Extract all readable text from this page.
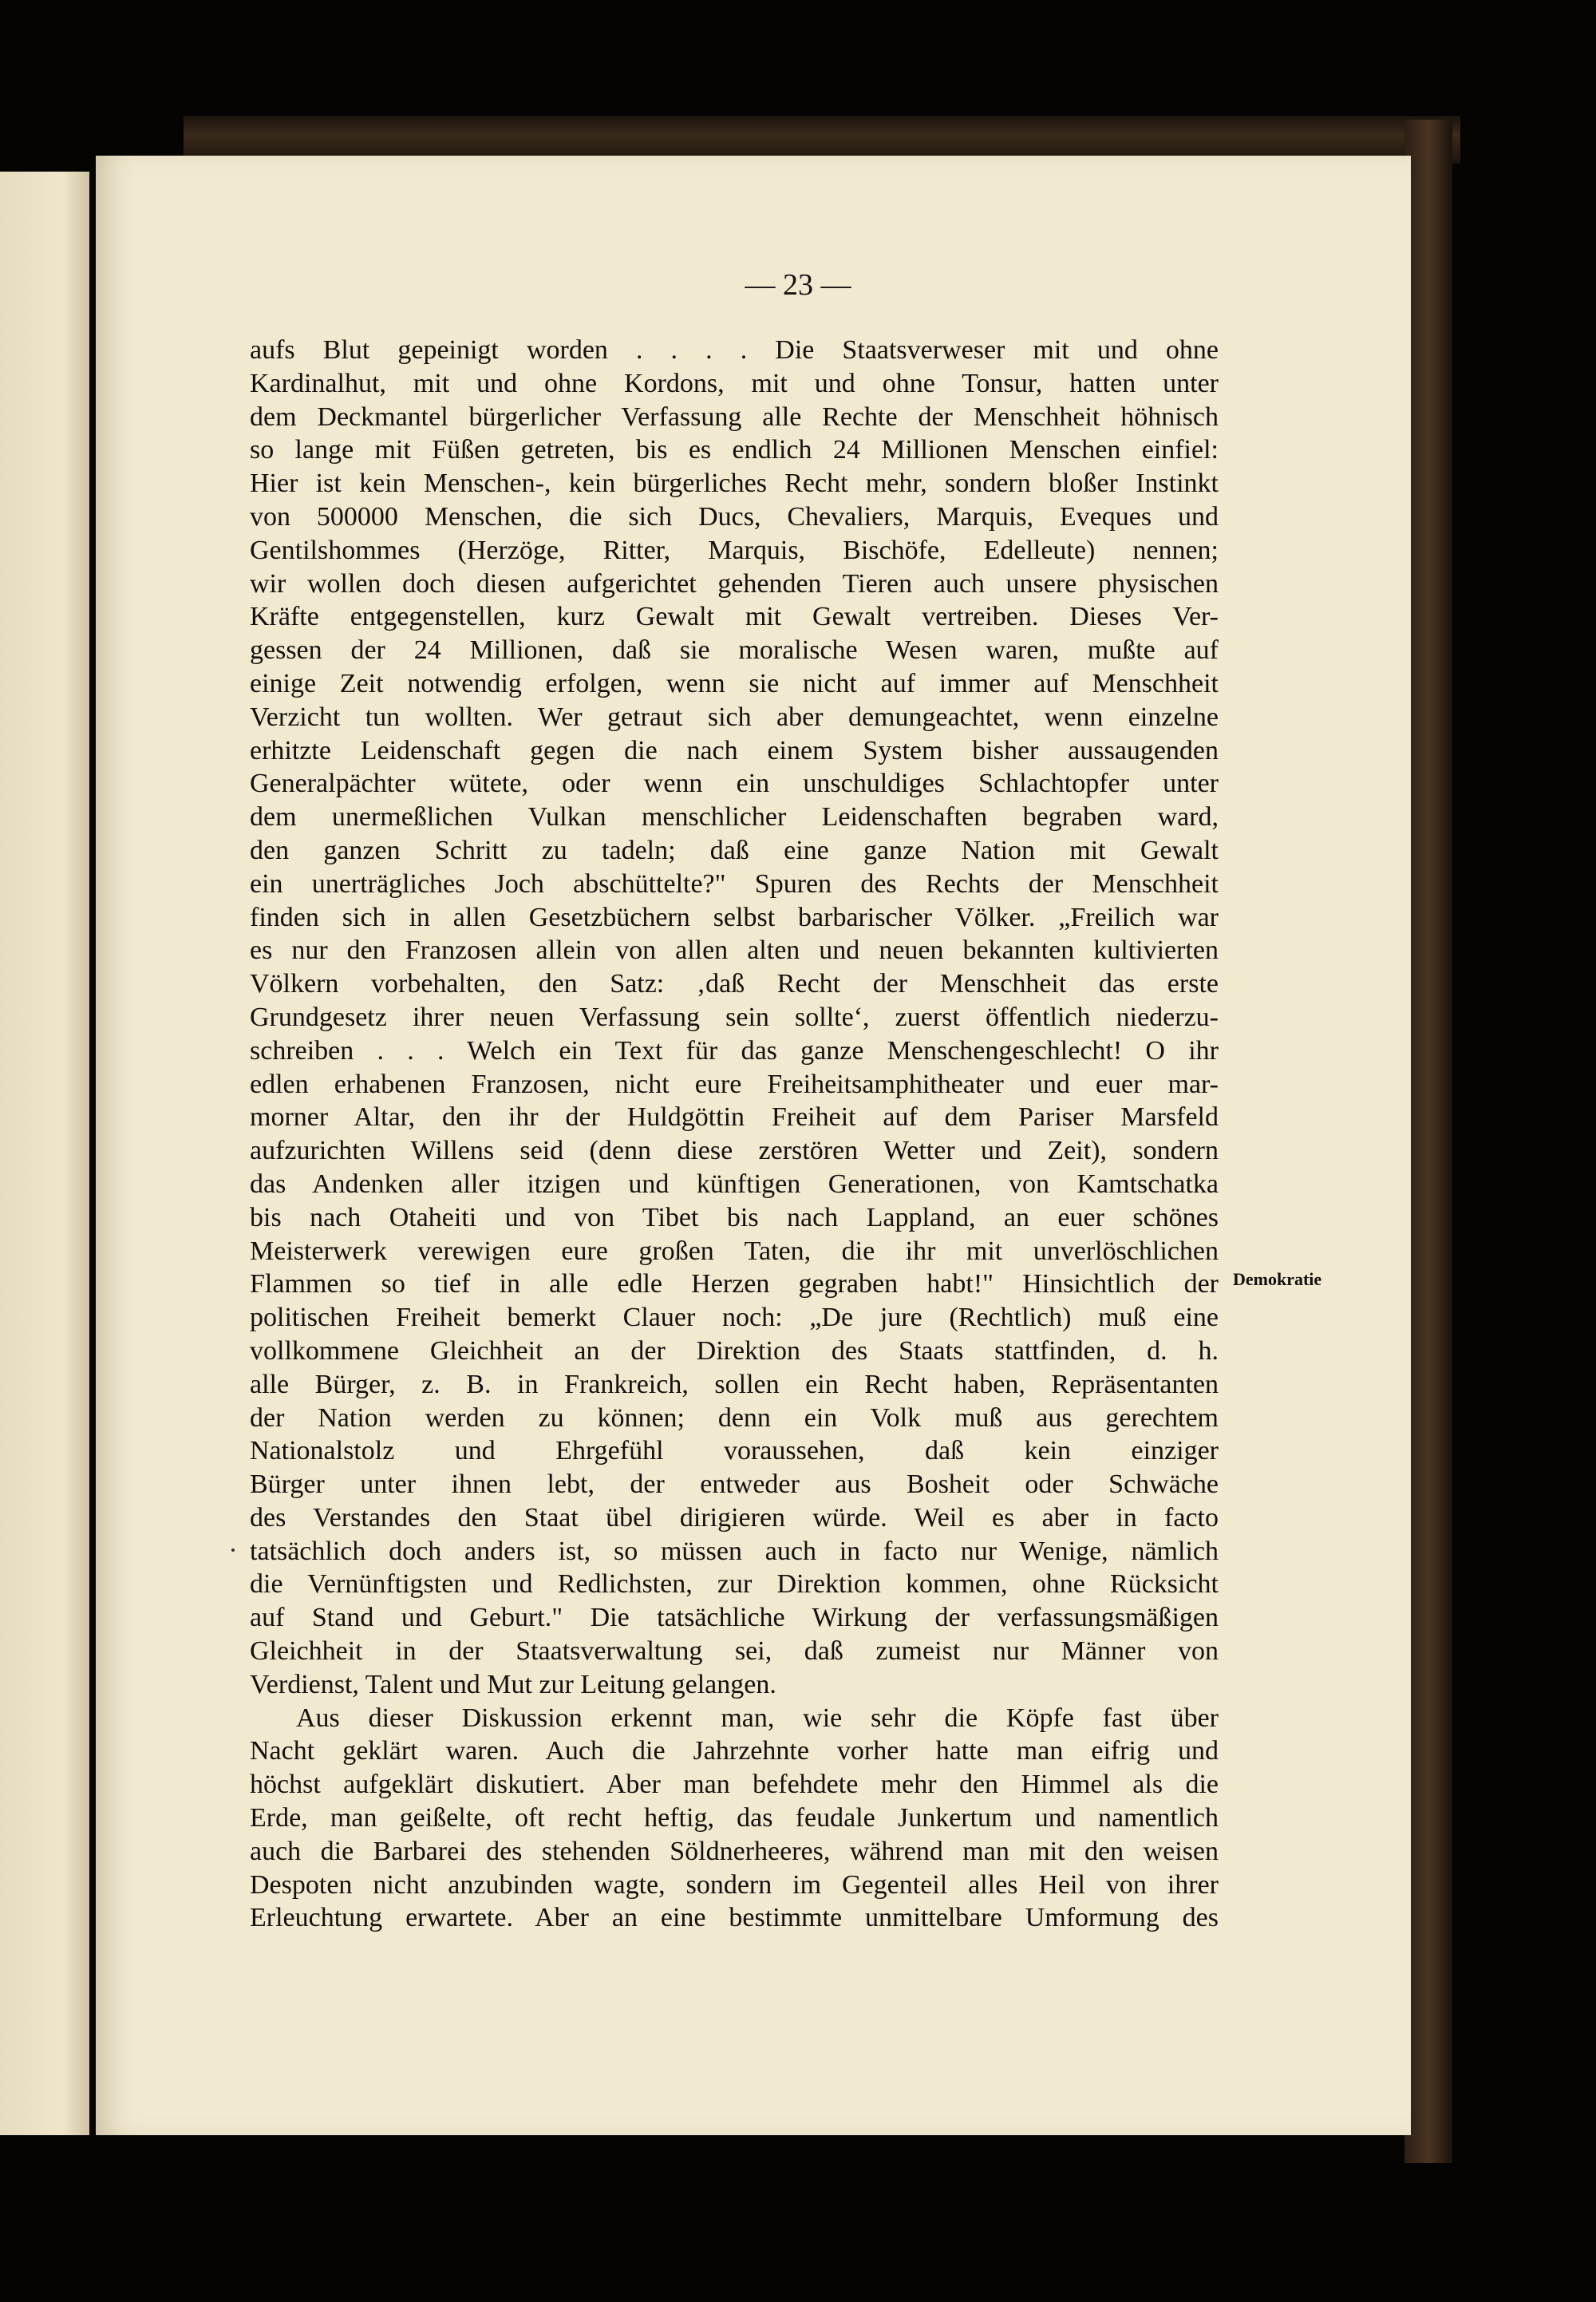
— 23 —
aufs Blut gepeinigt worden . . . . Die Staatsverweser mit und ohne
Kardinalhut, mit und ohne Kordons, mit und ohne Tonsur, hatten unter
dem Deckmantel bürgerlicher Verfassung alle Rechte der Menschheit höhnisch
so lange mit Füßen getreten, bis es endlich 24 Millionen Menschen einfiel:
Hier ist kein Menschen-, kein bürgerliches Recht mehr, sondern bloßer Instinkt
von 500000 Menschen, die sich Ducs, Chevaliers, Marquis, Eveques und
Gentilshommes (Herzöge, Ritter, Marquis, Bischöfe, Edelleute) nennen;
wir wollen doch diesen aufgerichtet gehenden Tieren auch unsere physischen
Kräfte entgegenstellen, kurz Gewalt mit Gewalt vertreiben. Dieses Ver-
gessen der 24 Millionen, daß sie moralische Wesen waren, mußte auf
einige Zeit notwendig erfolgen, wenn sie nicht auf immer auf Menschheit
Verzicht tun wollten. Wer getraut sich aber demungeachtet, wenn einzelne
erhitzte Leidenschaft gegen die nach einem System bisher aussaugenden
Generalpächter wütete, oder wenn ein unschuldiges Schlachtopfer unter
dem unermeßlichen Vulkan menschlicher Leidenschaften begraben ward,
den ganzen Schritt zu tadeln; daß eine ganze Nation mit Gewalt
ein unerträgliches Joch abschüttelte?" Spuren des Rechts der Menschheit
finden sich in allen Gesetzbüchern selbst barbarischer Völker. „Freilich war
es nur den Franzosen allein von allen alten und neuen bekannten kultivierten
Völkern vorbehalten, den Satz: ‚daß Recht der Menschheit das erste
Grundgesetz ihrer neuen Verfassung sein sollte‘, zuerst öffentlich niederzu-
schreiben . . . Welch ein Text für das ganze Menschengeschlecht! O ihr
edlen erhabenen Franzosen, nicht eure Freiheitsamphitheater und euer mar-
morner Altar, den ihr der Huldgöttin Freiheit auf dem Pariser Marsfeld
aufzurichten Willens seid (denn diese zerstören Wetter und Zeit), sondern
das Andenken aller itzigen und künftigen Generationen, von Kamtschatka
bis nach Otaheiti und von Tibet bis nach Lappland, an euer schönes
Meisterwerk verewigen eure großen Taten, die ihr mit unverlöschlichen
Flammen so tief in alle edle Herzen gegraben habt!" Hinsichtlich der
politischen Freiheit bemerkt Clauer noch: „De jure (Rechtlich) muß eine
vollkommene Gleichheit an der Direktion des Staats stattfinden, d. h.
alle Bürger, z. B. in Frankreich, sollen ein Recht haben, Repräsentanten
der Nation werden zu können; denn ein Volk muß aus gerechtem
Nationalstolz und Ehrgefühl voraussehen, daß kein einziger
Bürger unter ihnen lebt, der entweder aus Bosheit oder Schwäche
des Verstandes den Staat übel dirigieren würde. Weil es aber in facto
tatsächlich doch anders ist, so müssen auch in facto nur Wenige, nämlich
die Vernünftigsten und Redlichsten, zur Direktion kommen, ohne Rücksicht
auf Stand und Geburt." Die tatsächliche Wirkung der verfassungsmäßigen
Gleichheit in der Staatsverwaltung sei, daß zumeist nur Männer von
Verdienst, Talent und Mut zur Leitung gelangen.
Aus dieser Diskussion erkennt man, wie sehr die Köpfe fast über
Nacht geklärt waren. Auch die Jahrzehnte vorher hatte man eifrig und
höchst aufgeklärt diskutiert. Aber man befehdete mehr den Himmel als die
Erde, man geißelte, oft recht heftig, das feudale Junkertum und namentlich
auch die Barbarei des stehenden Söldnerheeres, während man mit den weisen
Despoten nicht anzubinden wagte, sondern im Gegenteil alles Heil von ihrer
Erleuchtung erwartete. Aber an eine bestimmte unmittelbare Umformung des
Demokratie
